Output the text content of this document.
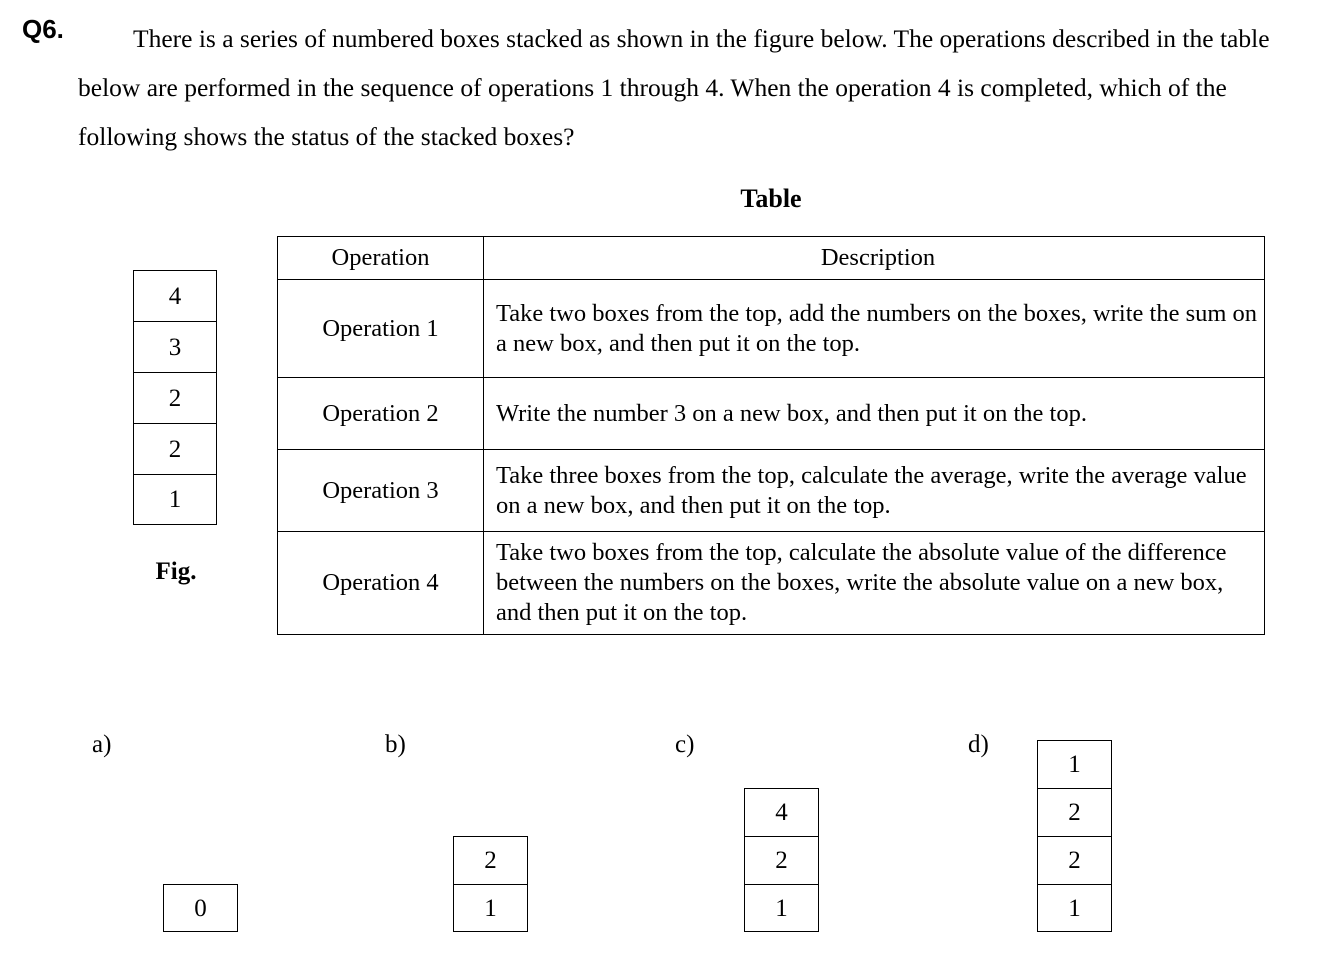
Q6.	There is a series of numbered boxes stacked as shown in the figure below. The operations described in the table below are performed in the sequence of operations 1 through 4. When the operation 4 is completed, which of the following shows the status of the stacked boxes?
4
3
2
2
1
Fig.
Table
Operation	Description
Operation 1	Take two boxes from the top, add the numbers on the boxes, write the sum on a new box, and then put it on the top.
Operation 2	Write the number 3 on a new box, and then put it on the top.
Operation 3	Take three boxes from the top, calculate the average, write the average value on a new box, and then put it on the top.
Operation 4	Take two boxes from the top, calculate the absolute value of the difference between the numbers on the boxes, write the absolute value on a new box, and then put it on the top.
a)
0
b)
2
1
c)
4
2
1
d)
1
2
2
1
